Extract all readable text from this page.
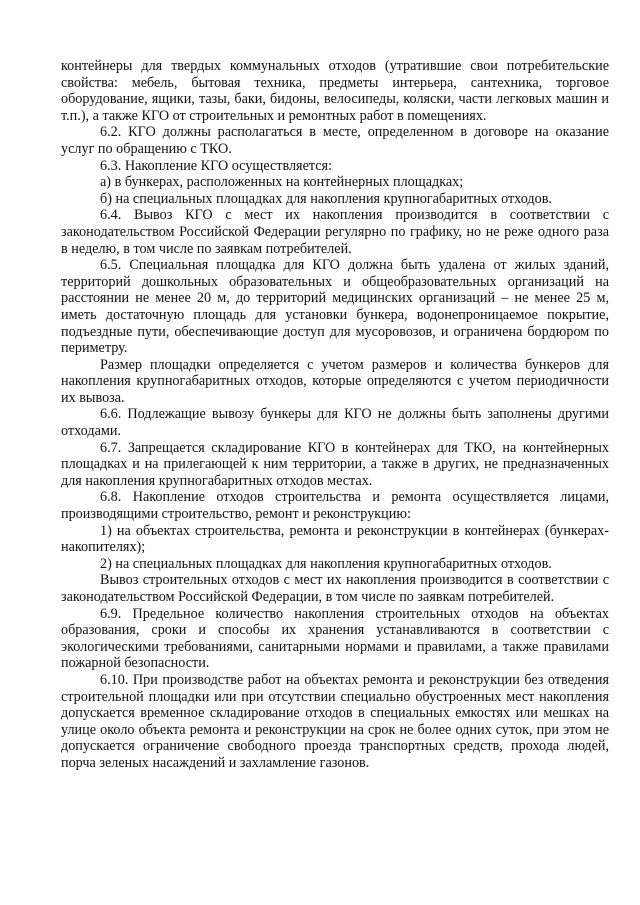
контейнеры для твердых коммунальных отходов (утратившие свои потребительские свойства: мебель, бытовая техника, предметы интерьера, сантехника, торговое оборудование, ящики, тазы, баки, бидоны, велосипеды, коляски, части легковых машин и т.п.), а также КГО от строительных и ремонтных работ в помещениях.

6.2. КГО должны располагаться в месте, определенном в договоре на оказание услуг по обращению с ТКО.

6.3. Накопление КГО осуществляется:

а) в бункерах, расположенных на контейнерных площадках;

б) на специальных площадках для накопления крупногабаритных отходов.

6.4. Вывоз КГО с мест их накопления производится в соответствии с законодательством Российской Федерации регулярно по графику, но не реже одного раза в неделю, в том числе по заявкам потребителей.

6.5. Специальная площадка для КГО должна быть удалена от жилых зданий, территорий дошкольных образовательных и общеобразовательных организаций на расстоянии не менее 20 м, до территорий медицинских организаций – не менее 25 м, иметь достаточную площадь для установки бункера, водонепроницаемое покрытие, подъездные пути, обеспечивающие доступ для мусоровозов, и ограничена бордюром по периметру.

Размер площадки определяется с учетом размеров и количества бункеров для накопления крупногабаритных отходов, которые определяются с учетом периодичности их вывоза.

6.6. Подлежащие вывозу бункеры для КГО не должны быть заполнены другими отходами.

6.7. Запрещается складирование КГО в контейнерах для ТКО, на контейнерных площадках и на прилегающей к ним территории, а также в других, не предназначенных для накопления крупногабаритных отходов местах.

6.8. Накопление отходов строительства и ремонта осуществляется лицами, производящими строительство, ремонт и реконструкцию:

1) на объектах строительства, ремонта и реконструкции в контейнерах (бункерах-накопителях);

2) на специальных площадках для накопления крупногабаритных отходов.

Вывоз строительных отходов с мест их накопления производится в соответствии с законодательством Российской Федерации, в том числе по заявкам потребителей.

6.9. Предельное количество накопления строительных отходов на объектах образования, сроки и способы их хранения устанавливаются в соответствии с экологическими требованиями, санитарными нормами и правилами, а также правилами пожарной безопасности.

6.10. При производстве работ на объектах ремонта и реконструкции без отведения строительной площадки или при отсутствии специально обустроенных мест накопления допускается временное складирование отходов в специальных емкостях или мешках на улице около объекта ремонта и реконструкции на срок не более одних суток, при этом не допускается ограничение свободного проезда транспортных средств, прохода людей, порча зеленых насаждений и захламление газонов.
